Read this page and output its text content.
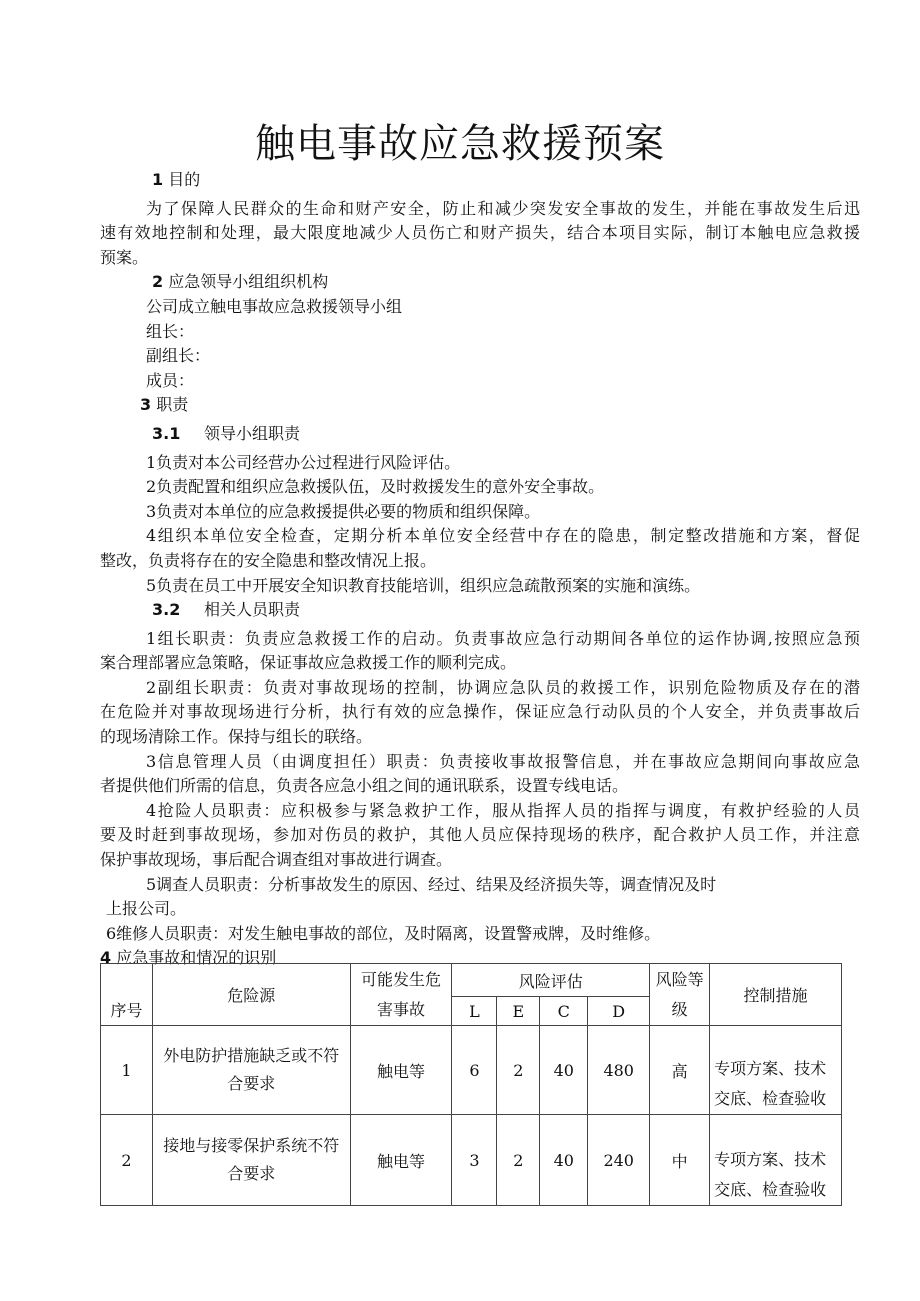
触电事故应急救援预案
1 目的
为了保障人民群众的生命和财产安全，防止和减少突发安全事故的发生，并能在事故发生后迅
速有效地控制和处理，最大限度地减少人员伤亡和财产损失，结合本项目实际，制订本触电应急救援
预案。
2 应急领导小组组织机构
公司成立触电事故应急救援领导小组
组长：
副组长：
成员：
3 职责
3.1 领导小组职责
1负责对本公司经营办公过程进行风险评估。
2负责配置和组织应急救援队伍，及时救援发生的意外安全事故。
3负责对本单位的应急救援提供必要的物质和组织保障。
4组织本单位安全检查，定期分析本单位安全经营中存在的隐患，制定整改措施和方案，督促
整改，负责将存在的安全隐患和整改情况上报。
5负责在员工中开展安全知识教育技能培训，组织应急疏散预案的实施和演练。
3.2 相关人员职责
1组长职责：负责应急救援工作的启动。负责事故应急行动期间各单位的运作协调,按照应急预
案合理部署应急策略，保证事故应急救援工作的顺利完成。
2副组长职责：负责对事故现场的控制，协调应急队员的救援工作，识别危险物质及存在的潜
在危险并对事故现场进行分析，执行有效的应急操作，保证应急行动队员的个人安全，并负责事故后
的现场清除工作。保持与组长的联络。
3信息管理人员（由调度担任）职责：负责接收事故报警信息，并在事故应急期间向事故应急
者提供他们所需的信息，负责各应急小组之间的通讯联系，设置专线电话。
4抢险人员职责：应积极参与紧急救护工作，服从指挥人员的指挥与调度，有救护经验的人员
要及时赶到事故现场，参加对伤员的救护，其他人员应保持现场的秩序，配合救护人员工作，并注意
保护事故现场，事后配合调查组对事故进行调查。
5调查人员职责：分析事故发生的原因、经过、结果及经济损失等，调查情况及时
上报公司。
6维修人员职责：对发生触电事故的部位，及时隔离，设置警戒牌，及时维修。
4 应急事故和情况的识别
序号	危险源	可能发生危
害事故	风险评估				风险等
级	控制措施
			L	E	C	D		
1	外电防护措施缺乏或不符
合要求	触电等	6	2	40	480	高	专项方案、技术
交底、检查验收
2	接地与接零保护系统不符
合要求	触电等	3	2	40	240	中	专项方案、技术
交底、检查验收
